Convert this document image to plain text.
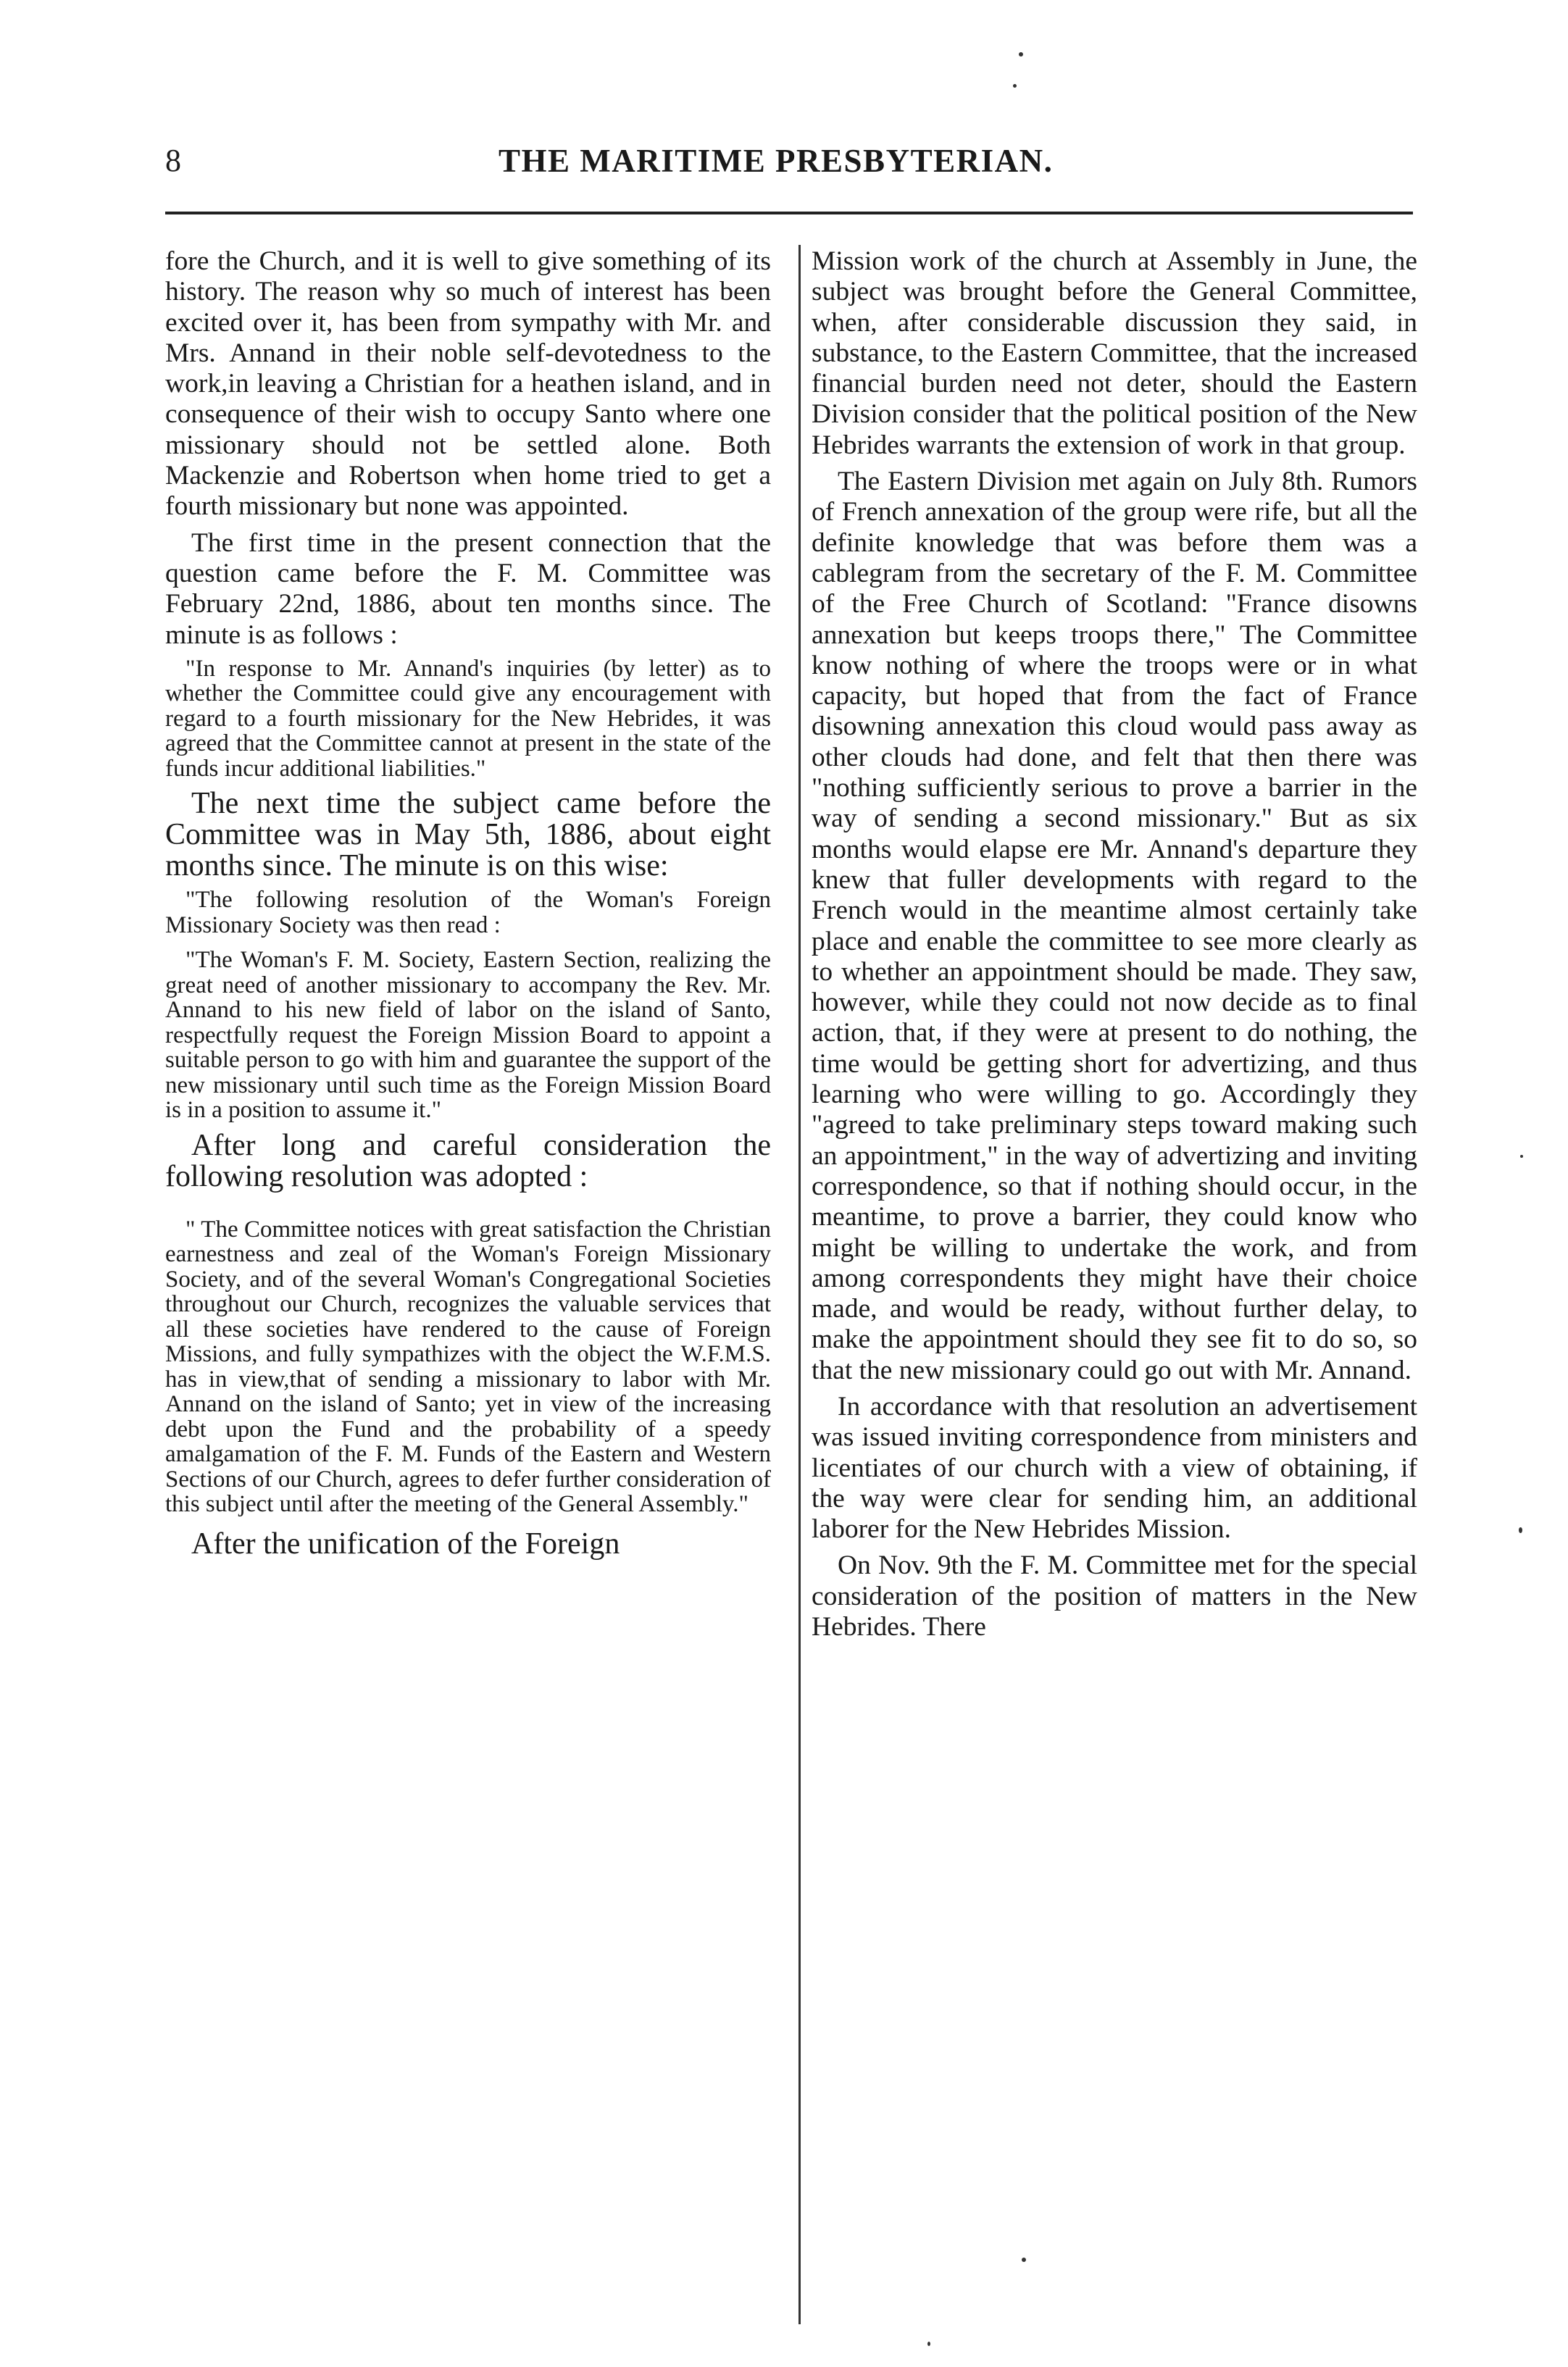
8	THE MARITIME PRESBYTERIAN.

fore the Church, and it is well to give something of its history. The reason why so much of interest has been excited over it, has been from sympathy with Mr. and Mrs. Annand in their noble self-devotedness to the work,in leaving a Christian for a heathen island, and in consequence of their wish to occupy Santo where one missionary should not be settled alone. Both Mackenzie and Robertson when home tried to get a fourth missionary but none was appointed.

The first time in the present connection that the question came before the F. M. Committee was February 22nd, 1886, about ten months since. The minute is as follows :

"In response to Mr. Annand's inquiries (by letter) as to whether the Committee could give any encouragement with regard to a fourth missionary for the New Hebrides, it was agreed that the Committee cannot at present in the state of the funds incur additional liabilities."

The next time the subject came before the Committee was in May 5th, 1886, about eight months since. The minute is on this wise:

"The following resolution of the Woman's Foreign Missionary Society was then read :

"The Woman's F. M. Society, Eastern Section, realizing the great need of another missionary to accompany the Rev. Mr. Annand to his new field of labor on the island of Santo, respectfully request the Foreign Mission Board to appoint a suitable person to go with him and guarantee the support of the new missionary until such time as the Foreign Mission Board is in a position to assume it."

After long and careful consideration the following resolution was adopted :

" The Committee notices with great satisfaction the Christian earnestness and zeal of the Woman's Foreign Missionary Society, and of the several Woman's Congregational Societies throughout our Church, recognizes the valuable services that all these societies have rendered to the cause of Foreign Missions, and fully sympathizes with the object the W.F.M.S. has in view,that of sending a missionary to labor with Mr. Annand on the island of Santo; yet in view of the increasing debt upon the Fund and the probability of a speedy amalgamation of the F. M. Funds of the Eastern and Western Sections of our Church, agrees to defer further consideration of this subject until after the meeting of the General Assembly."

After the unification of the Foreign

Mission work of the church at Assembly in June, the subject was brought before the General Committee, when, after considerable discussion they said, in substance, to the Eastern Committee, that the increased financial burden need not deter, should the Eastern Division consider that the political position of the New Hebrides warrants the extension of work in that group.

The Eastern Division met again on July 8th. Rumors of French annexation of the group were rife, but all the definite knowledge that was before them was a cablegram from the secretary of the F. M. Committee of the Free Church of Scotland: "France disowns annexation but keeps troops there," The Committee know nothing of where the troops were or in what capacity, but hoped that from the fact of France disowning annexation this cloud would pass away as other clouds had done, and felt that then there was "nothing sufficiently serious to prove a barrier in the way of sending a second missionary." But as six months would elapse ere Mr. Annand's departure they knew that fuller developments with regard to the French would in the meantime almost certainly take place and enable the committee to see more clearly as to whether an appointment should be made. They saw, however, while they could not now decide as to final action, that, if they were at present to do nothing, the time would be getting short for advertizing, and thus learning who were willing to go. Accordingly they "agreed to take preliminary steps toward making such an appointment," in the way of advertizing and inviting correspondence, so that if nothing should occur, in the meantime, to prove a barrier, they could know who might be willing to undertake the work, and from among correspondents they might have their choice made, and would be ready, without further delay, to make the appointment should they see fit to do so, so that the new missionary could go out with Mr. Annand.

In accordance with that resolution an advertisement was issued inviting correspondence from ministers and licentiates of our church with a view of obtaining, if the way were clear for sending him, an additional laborer for the New Hebrides Mission.

On Nov. 9th the F. M. Committee met for the special consideration of the position of matters in the New Hebrides. There
